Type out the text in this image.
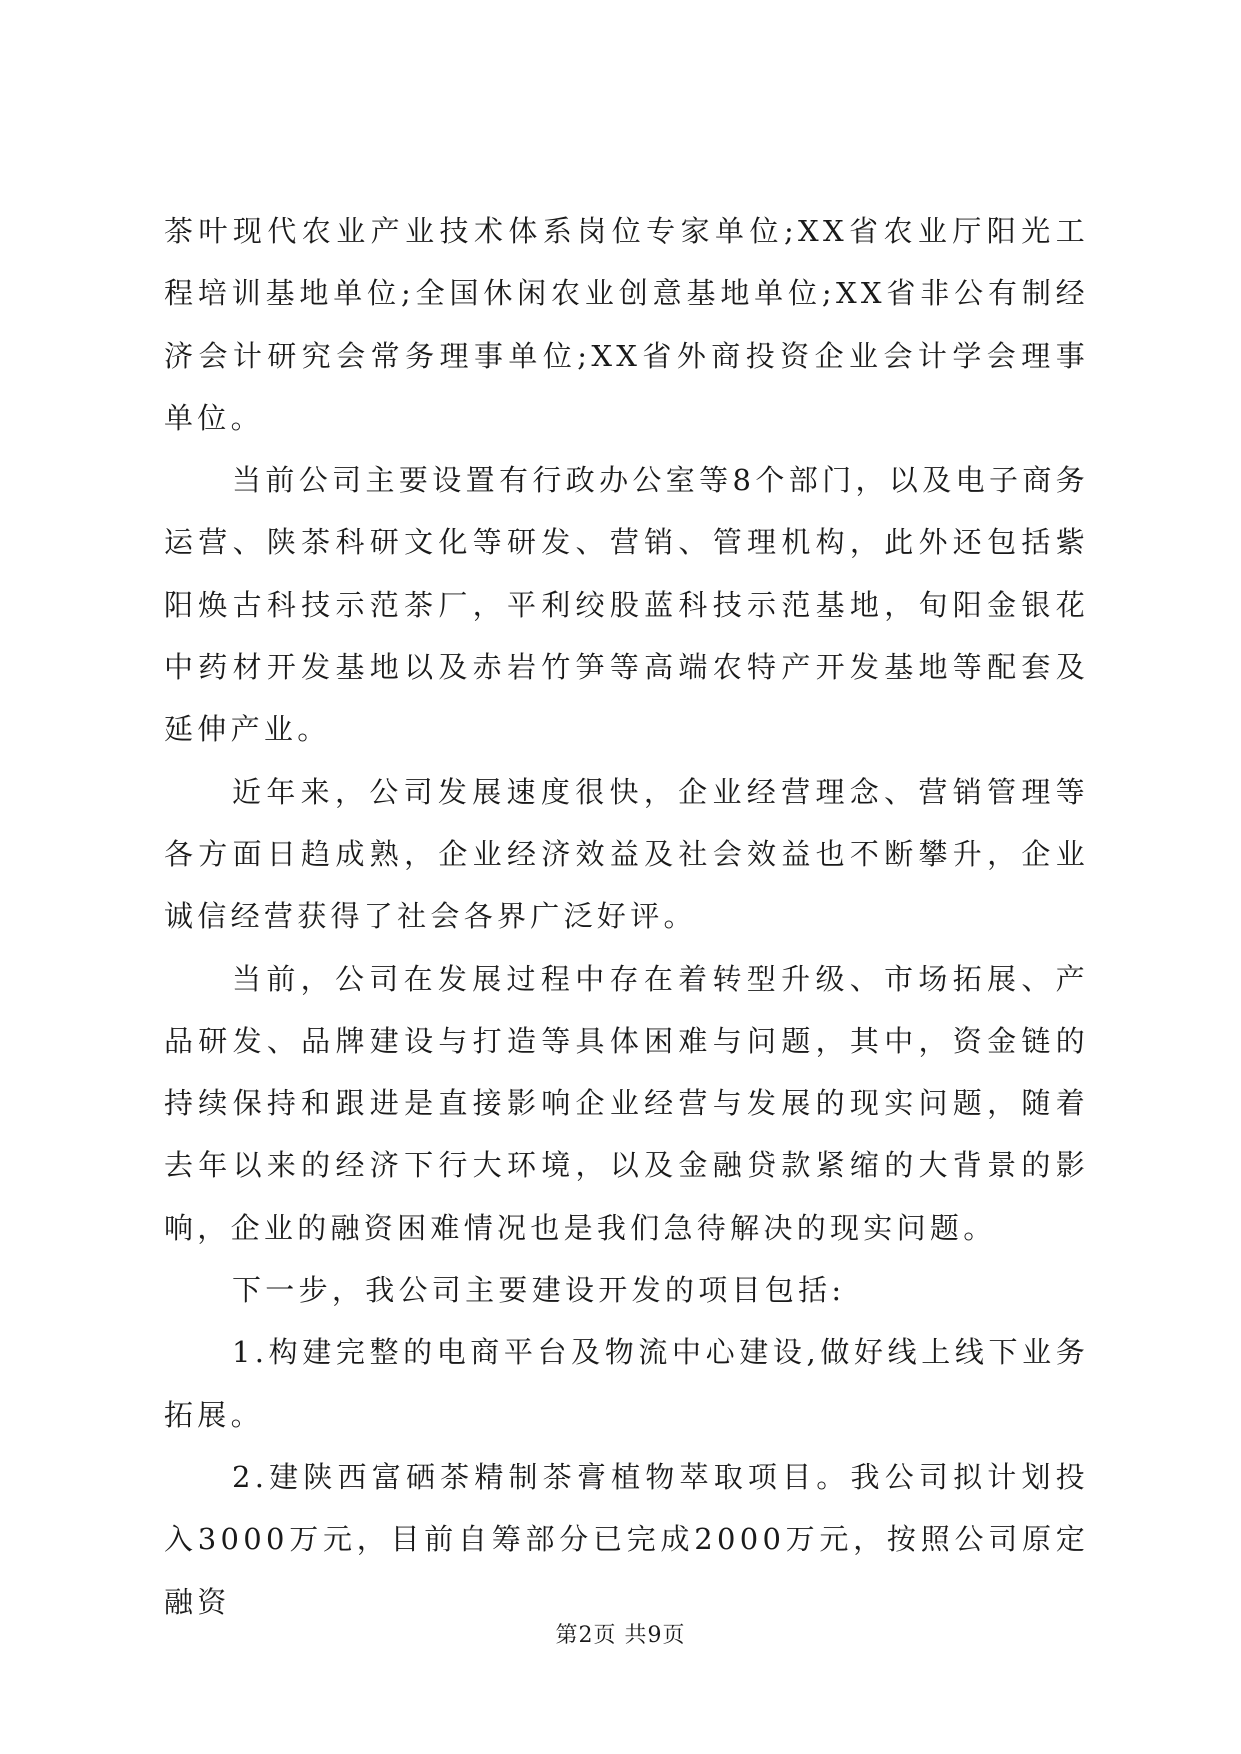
茶叶现代农业产业技术体系岗位专家单位;XX省农业厅阳光工程培训基地单位;全国休闲农业创意基地单位;XX省非公有制经济会计研究会常务理事单位;XX省外商投资企业会计学会理事单位。

当前公司主要设置有行政办公室等8个部门，以及电子商务运营、陕茶科研文化等研发、营销、管理机构，此外还包括紫阳焕古科技示范茶厂，平利绞股蓝科技示范基地，旬阳金银花中药材开发基地以及赤岩竹笋等高端农特产开发基地等配套及延伸产业。

近年来，公司发展速度很快，企业经营理念、营销管理等各方面日趋成熟，企业经济效益及社会效益也不断攀升，企业诚信经营获得了社会各界广泛好评。

当前，公司在发展过程中存在着转型升级、市场拓展、产品研发、品牌建设与打造等具体困难与问题，其中，资金链的持续保持和跟进是直接影响企业经营与发展的现实问题，随着去年以来的经济下行大环境，以及金融贷款紧缩的大背景的影响，企业的融资困难情况也是我们急待解决的现实问题。

下一步，我公司主要建设开发的项目包括:

1.构建完整的电商平台及物流中心建设,做好线上线下业务拓展。

2.建陕西富硒茶精制茶膏植物萃取项目。我公司拟计划投入3000万元，目前自筹部分已完成2000万元，按照公司原定融资

第2页 共9页
